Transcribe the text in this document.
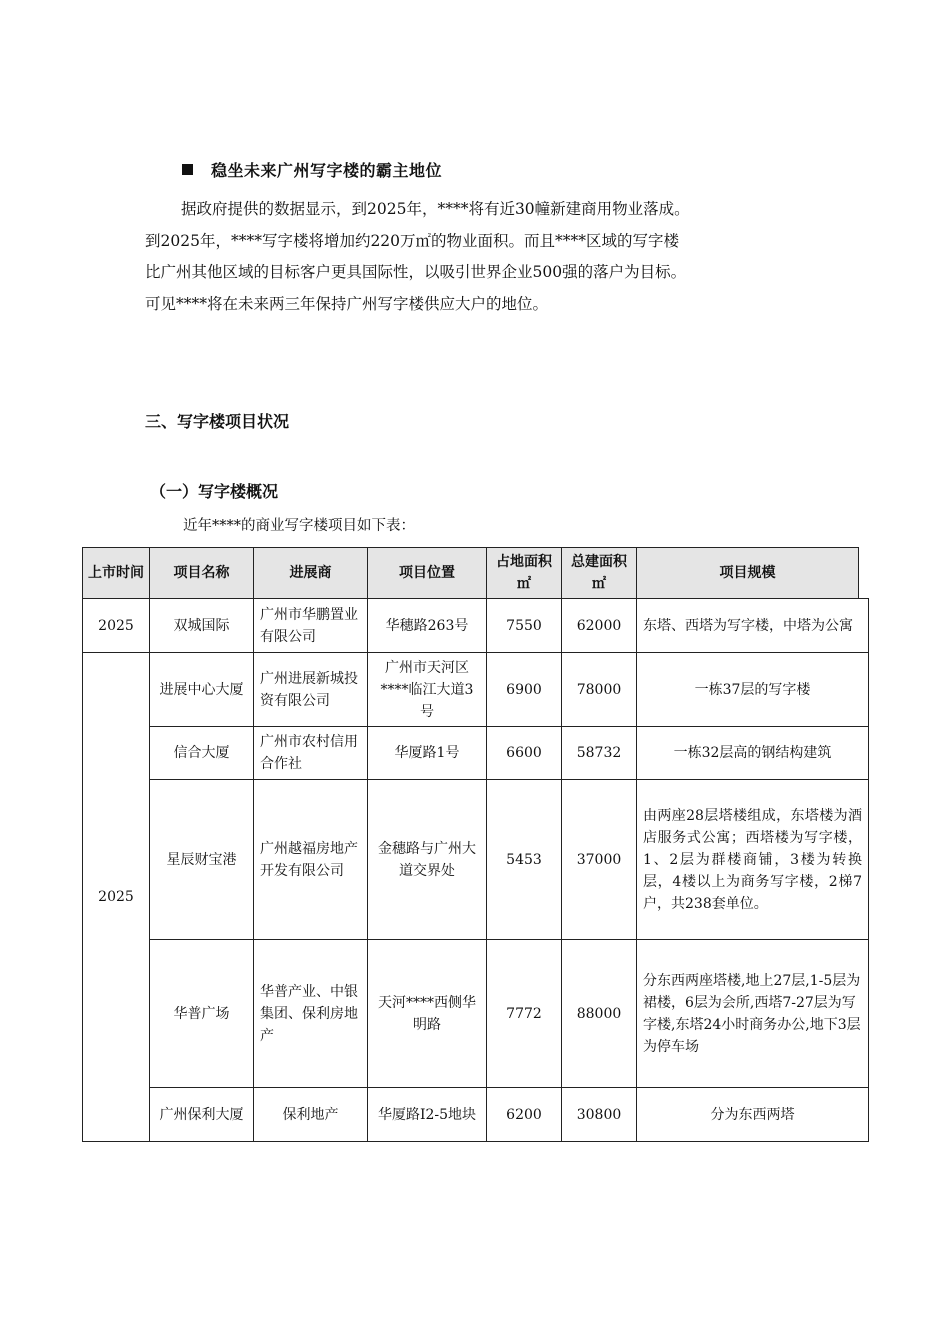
稳坐未来广州写字楼的霸主地位

据政府提供的数据显示，到2025年，****将有近30幢新建商用物业落成。

到2025年，****写字楼将增加约220万㎡的物业面积。而且****区域的写字楼

比广州其他区域的目标客户更具国际性，以吸引世界企业500强的落户为目标。

可见****将在未来两三年保持广州写字楼供应大户的地位。

三、写字楼项目状况
（一）写字楼概况
近年****的商业写字楼项目如下表：
上市时间	项目名称	进展商	项目位置	占地面积㎡	总建面积㎡	项目规模	
2025	双城国际	广州市华鹏置业有限公司	华穗路263号	7550	62000	东塔、西塔为写字楼，中塔为公寓	
2025	进展中心大厦	广州进展新城投资有限公司	广州市天河区****临江大道3号	6900	78000	一栋37层的写字楼	
	信合大厦	广州市农村信用合作社	华厦路1号	6600	58732	一栋32层高的钢结构建筑	
	星辰财宝港	广州越福房地产开发有限公司	金穗路与广州大道交界处	5453	37000	由两座28层塔楼组成，东塔楼为酒店服务式公寓；西塔楼为写字楼，1、2层为群楼商铺，3楼为转换层，4楼以上为商务写字楼，2梯7户，共238套单位。	
	华普广场	华普产业、中银集团、保利房地产	天河****西侧华明路	7772	88000	分东西两座塔楼,地上27层,1-5层为裙楼，6层为会所,西塔7-27层为写字楼,东塔24小时商务办公,地下3层为停车场	
	广州保利大厦	保利地产	华厦路I2-5地块	6200	30800	分为东西两塔	
